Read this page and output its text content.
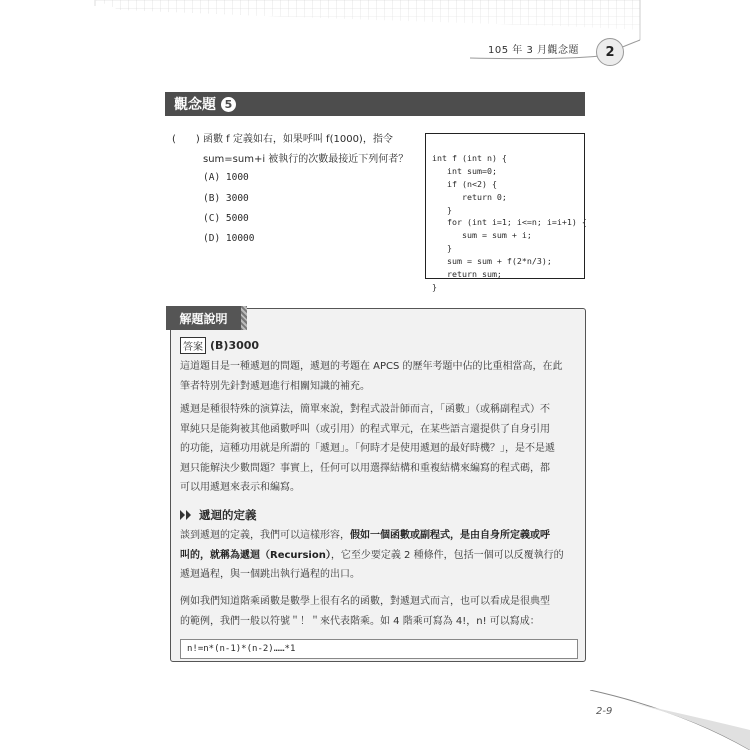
105 年 3 月觀念題	2
觀念題 5
(　　) 函數 f 定義如右，如果呼叫 f(1000)，指令
sum=sum+i 被執行的次數最接近下列何者？
(A) 1000
(B) 3000
(C) 5000
(D) 10000

int f (int n) {
int sum=0;
if (n<2) {
return 0;
}
for (int i=1; i<=n; i=i+1) {
sum = sum + i;
}
sum = sum + f(2*n/3);
return sum;
}
解題說明
答案 (B)3000
這道題目是一種遞迴的問題，遞迴的考題在 APCS 的歷年考題中佔的比重相當高，在此
筆者特別先針對遞迴進行相關知識的補充。
遞迴是種很特殊的演算法，簡單來說，對程式設計師而言，「函數」（或稱副程式）不
單純只是能夠被其他函數呼叫（或引用）的程式單元，在某些語言還提供了自身引用
的功能，這種功用就是所謂的「遞迴」。「何時才是使用遞迴的最好時機？」，是不是遞
迴只能解決少數問題？事實上，任何可以用選擇結構和重複結構來編寫的程式碼，都
可以用遞迴來表示和編寫。
遞迴的定義
談到遞迴的定義，我們可以這樣形容，假如一個函數或副程式，是由自身所定義或呼
叫的，就稱為遞迴（Recursion），它至少要定義 2 種條件，包括一個可以反覆執行的
遞迴過程，與一個跳出執行過程的出口。
例如我們知道階乘函數是數學上很有名的函數，對遞迴式而言，也可以看成是很典型
的範例，我們一般以符號＂！＂來代表階乘。如 4 階乘可寫為 4!，n! 可以寫成：
n!=n*(n-1)*(n-2)……*1
2-9
